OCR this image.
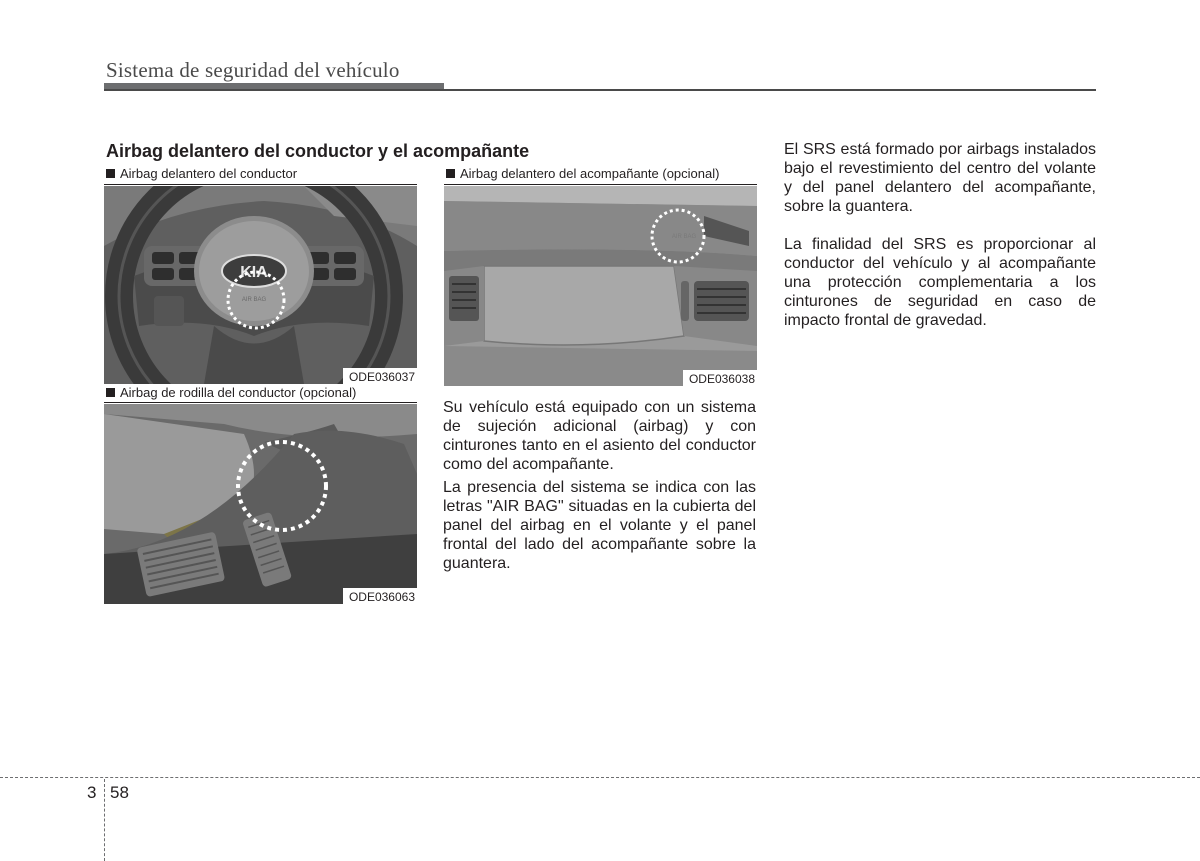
Sistema de seguridad del vehículo
Airbag delantero del conductor y el acompañante
Airbag delantero del conductor
KIA
AIR BAG
ODE036037
Airbag de rodilla del conductor (opcional)
ODE036063
Airbag delantero del acompañante (opcional)
AIR BAG
ODE036038

Su vehículo está equipado con un sistema de sujeción adicional (airbag) y con cinturones tanto en el asiento del conductor como del acompañante.

La presencia del sistema se indica con las letras "AIR BAG" situadas en la cubierta del panel del airbag en el volante y el panel frontal del lado del acompañante sobre la guantera.

El SRS está formado por airbags instalados bajo el revestimiento del centro del volante y del panel delantero del acompañante, sobre la guantera.

La finalidad del SRS es proporcionar al conductor del vehículo y al acompañante una protección complementaria a los cinturones de seguridad en caso de impacto frontal de gravedad.

3 58
